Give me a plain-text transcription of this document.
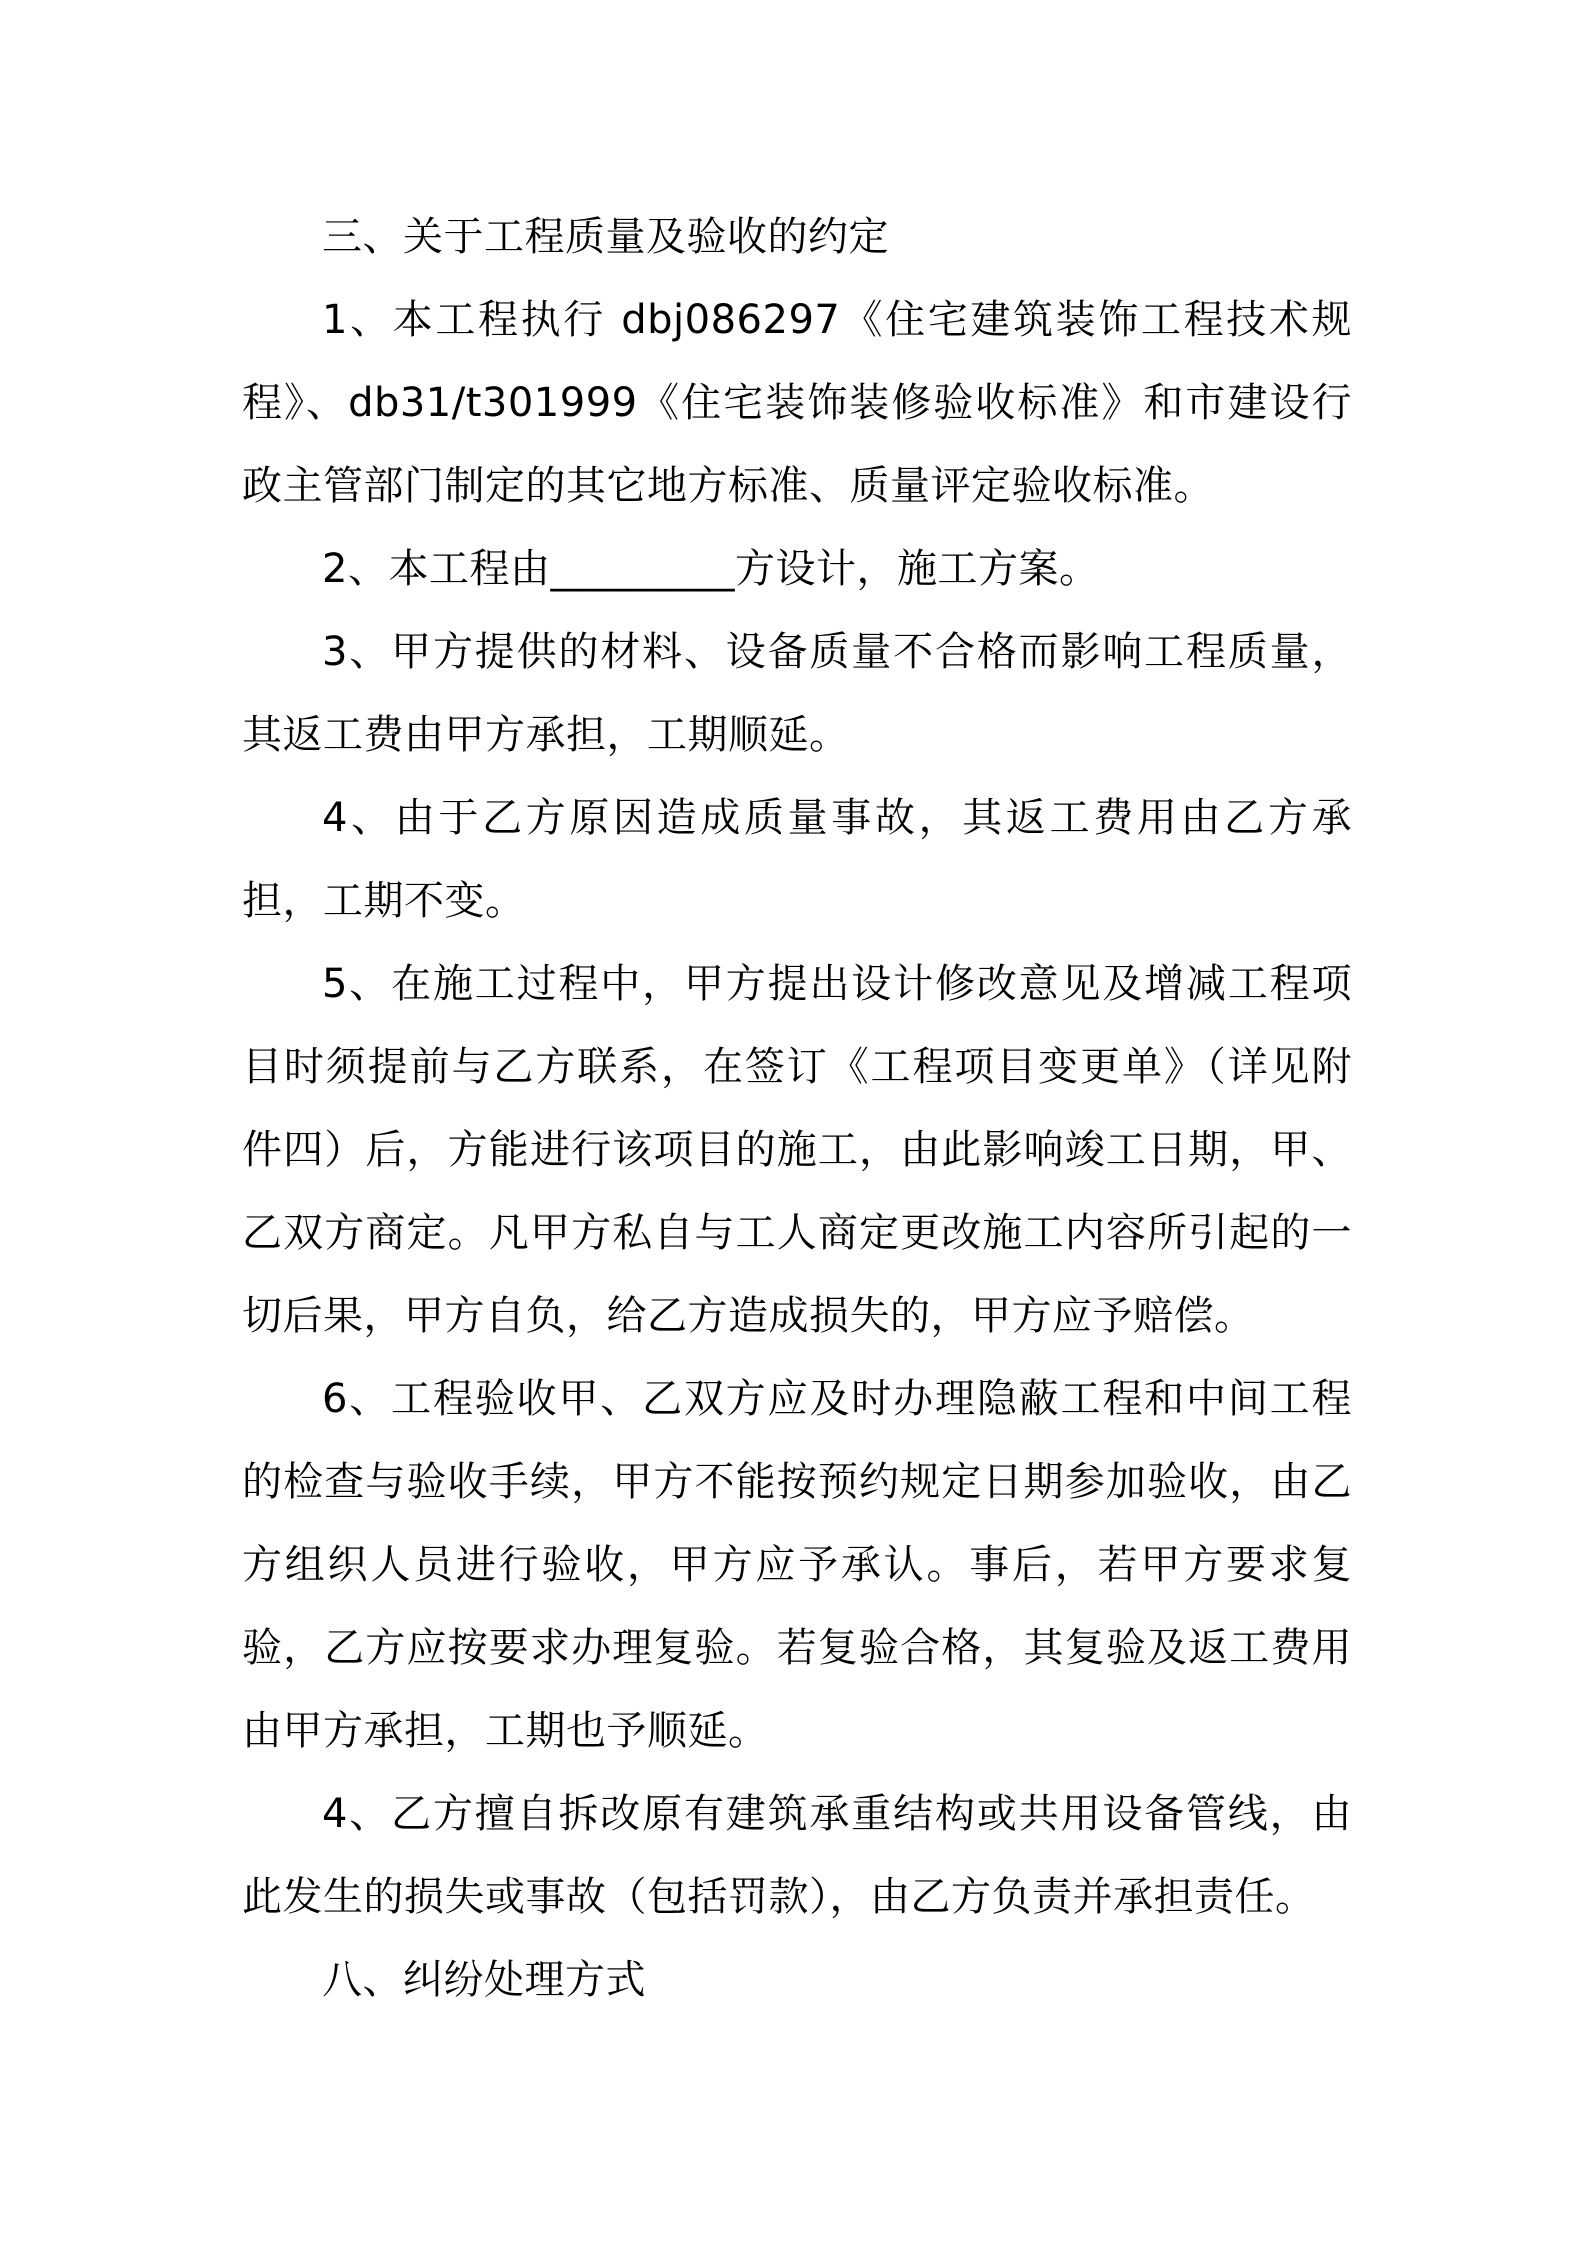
三、关于工程质量及验收的约定

1、本工程执行 dbj086297《住宅建筑装饰工程技术规程》、db31/t301999《住宅装饰装修验收标准》和市建设行政主管部门制定的其它地方标准、质量评定验收标准。

2、本工程由_________方设计，施工方案。

3、甲方提供的材料、设备质量不合格而影响工程质量，其返工费由甲方承担，工期顺延。

4、由于乙方原因造成质量事故，其返工费用由乙方承担，工期不变。

5、在施工过程中，甲方提出设计修改意见及增减工程项目时须提前与乙方联系，在签订《工程项目变更单》（详见附件四）后，方能进行该项目的施工，由此影响竣工日期，甲、乙双方商定。凡甲方私自与工人商定更改施工内容所引起的一切后果，甲方自负，给乙方造成损失的，甲方应予赔偿。

6、工程验收甲、乙双方应及时办理隐蔽工程和中间工程的检查与验收手续，甲方不能按预约规定日期参加验收，由乙方组织人员进行验收，甲方应予承认。事后，若甲方要求复验，乙方应按要求办理复验。若复验合格，其复验及返工费用由甲方承担，工期也予顺延。

4、乙方擅自拆改原有建筑承重结构或共用设备管线，由此发生的损失或事故（包括罚款），由乙方负责并承担责任。

八、纠纷处理方式
